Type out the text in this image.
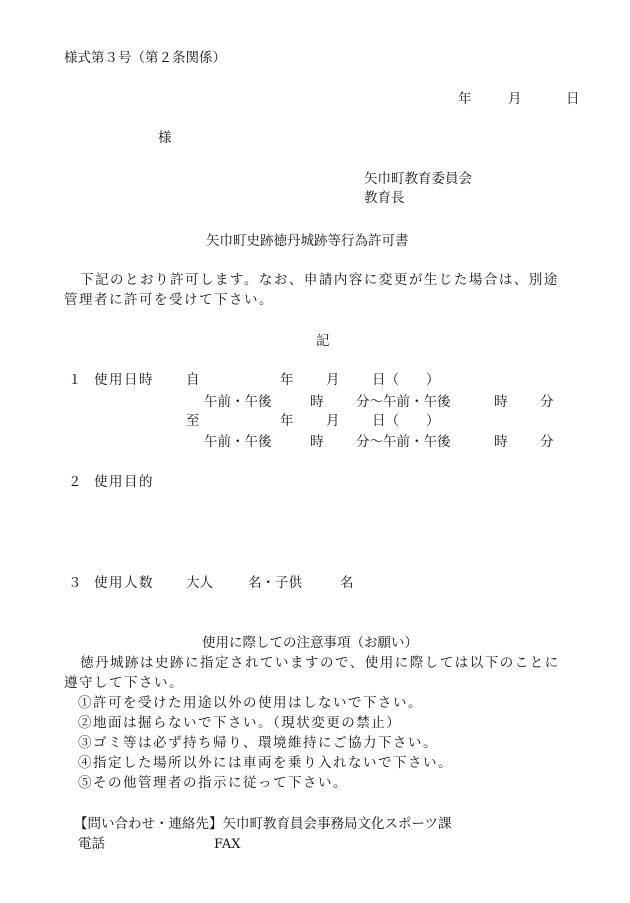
様式第３号（第２条関係）
年	月	日
様
矢巾町教育委員会
教育長
矢巾町史跡徳丹城跡等行為許可書
下記のとおり許可します。なお、申請内容に変更が生じた場合は、別途
管理者に許可を受けて下さい。
記
１ 使用日時 自	年 月 日（　　）
午前・午後	時 分～午前・午後	時 分
至	年 月 日（　　）
午前・午後	時 分～午前・午後	時 分
２ 使用目的
３ 使用人数 大人	名・子供	名
使用に際しての注意事項（お願い）
徳丹城跡は史跡に指定されていますので、使用に際しては以下のことに
遵守して下さい。
①許可を受けた用途以外の使用はしないで下さい。
②地面は掘らないで下さい。（現状変更の禁止）
③ゴミ等は必ず持ち帰り、環境維持にご協力下さい。
④指定した場所以外には車両を乗り入れないで下さい。
⑤その他管理者の指示に従って下さい。
【問い合わせ・連絡先】矢巾町教育員会事務局文化スポーツ課
電話	FAX
